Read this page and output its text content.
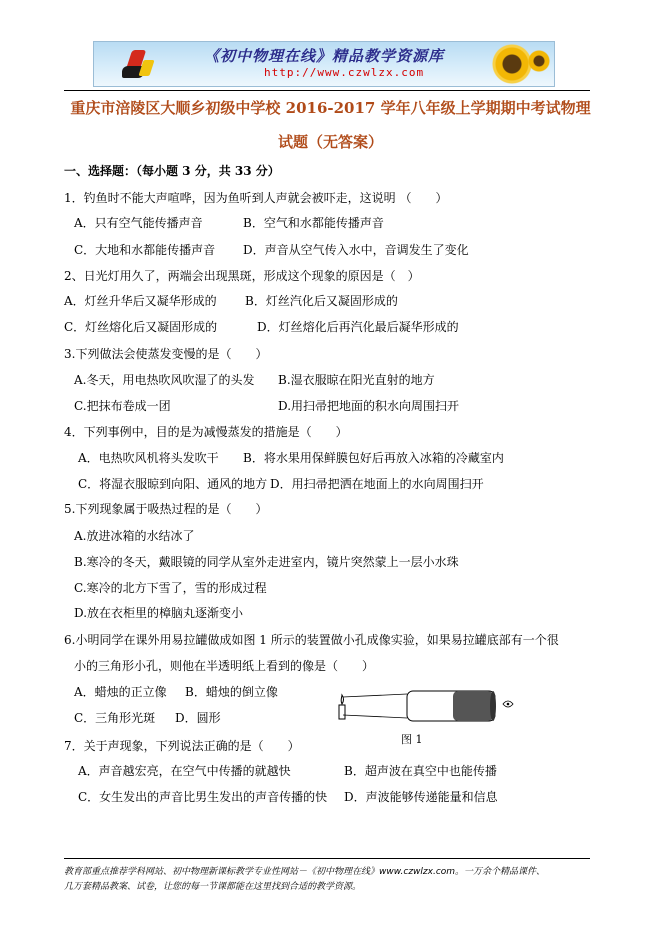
《初中物理在线》精品教学资源库
http://www.czwlzx.com
重庆市涪陵区大顺乡初级中学校 2016-2017 学年八年级上学期期中考试物理
试题（无答案）
一、选择题：（每小题 3 分，共 33 分）
1．钓鱼时不能大声喧哗，因为鱼听到人声就会被吓走，这说明 （　　）
A．只有空气能传播声音	B．空气和水都能传播声音
C．大地和水都能传播声音 D．声音从空气传入水中，音调发生了变化
2、日光灯用久了，两端会出现黑斑，形成这个现象的原因是（　）
A．灯丝升华后又凝华形成的 B．灯丝汽化后又凝固形成的
C．灯丝熔化后又凝固形成的	D．灯丝熔化后再汽化最后凝华形成的
3.下列做法会使蒸发变慢的是（　　）
A.冬天，用电热吹风吹湿了的头发 B.湿衣服晾在阳光直射的地方
C.把抹布卷成一团	D.用扫帚把地面的积水向周围扫开
4．下列事例中，目的是为减慢蒸发的措施是（　　）
A．电热吹风机将头发吹干 B．将水果用保鲜膜包好后再放入冰箱的冷藏室内
C．将湿衣服晾到向阳、通风的地方 D．用扫帚把洒在地面上的水向周围扫开
5.下列现象属于吸热过程的是（　　）
A.放进冰箱的水结冰了
B.寒冷的冬天，戴眼镜的同学从室外走进室内，镜片突然蒙上一层小水珠
C.寒冷的北方下雪了，雪的形成过程
D.放在衣柜里的樟脑丸逐渐变小
6.小明同学在课外用易拉罐做成如图 1 所示的装置做小孔成像实验，如果易拉罐底部有一个很
小的三角形小孔，则他在半透明纸上看到的像是（　　）
A．蜡烛的正立像 B．蜡烛的倒立像
C．三角形光斑 D．圆形
图 1
7．关于声现象，下列说法正确的是（　　）
A．声音越宏亮，在空气中传播的就越快	B．超声波在真空中也能传播
C．女生发出的声音比男生发出的声音传播的快 D．声波能够传递能量和信息
教育部重点推荐学科网站、初中物理新课标教学专业性网站－《初中物理在线》www.czwlzx.com。一万余个精品课件、
几万套精品教案、试卷，让您的每一节课都能在这里找到合适的教学资源。
